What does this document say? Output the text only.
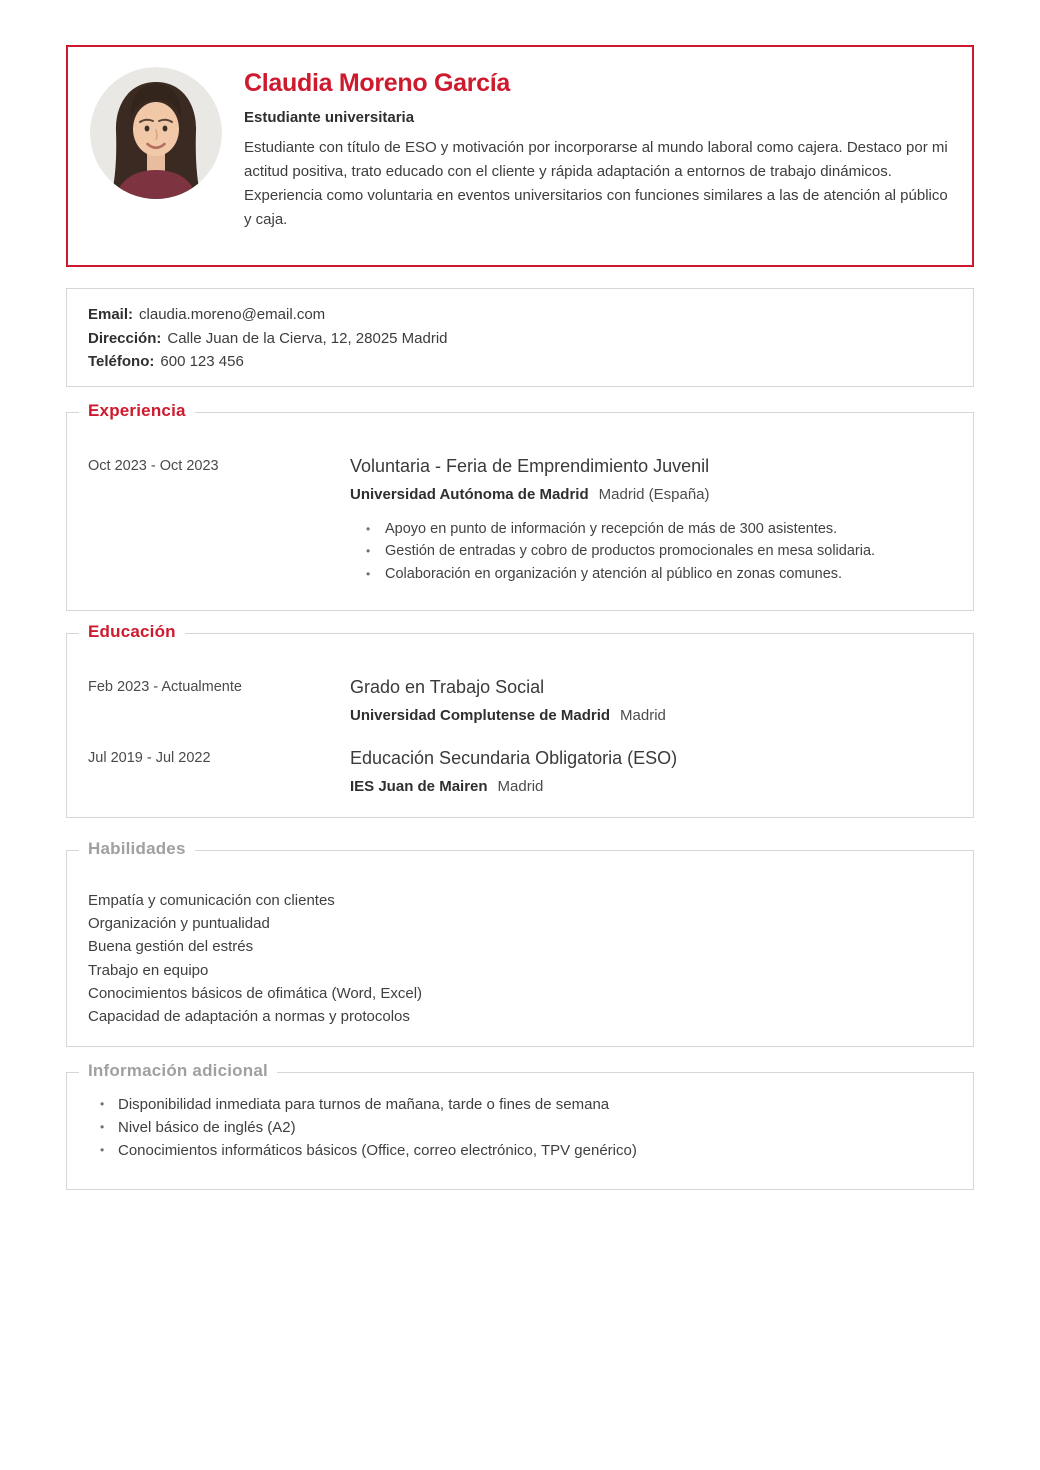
Claudia Moreno García
Estudiante universitaria

Estudiante con título de ESO y motivación por incorporarse al mundo laboral como cajera. Destaco por mi actitud positiva, trato educado con el cliente y rápida adaptación a entornos de trabajo dinámicos. Experiencia como voluntaria en eventos universitarios con funciones similares a las de atención al público y caja.

Email: claudia.moreno@email.com
Dirección: Calle Juan de la Cierva, 12, 28025 Madrid
Teléfono: 600 123 456
Experiencia
Oct 2023 - Oct 2023	Voluntaria - Feria de Emprendimiento Juvenil
Universidad Autónoma de Madrid Madrid (España)
• Apoyo en punto de información y recepción de más de 300 asistentes.
• Gestión de entradas y cobro de productos promocionales en mesa solidaria.
• Colaboración en organización y atención al público en zonas comunes.
Educación
Feb 2023 - Actualmente	Grado en Trabajo Social
Universidad Complutense de Madrid Madrid
Jul 2019 - Jul 2022	Educación Secundaria Obligatoria (ESO)
IES Juan de Mairen Madrid
Habilidades
Empatía y comunicación con clientes
Organización y puntualidad
Buena gestión del estrés
Trabajo en equipo
Conocimientos básicos de ofimática (Word, Excel)
Capacidad de adaptación a normas y protocolos
Información adicional
• Disponibilidad inmediata para turnos de mañana, tarde o fines de semana
• Nivel básico de inglés (A2)
• Conocimientos informáticos básicos (Office, correo electrónico, TPV genérico)
